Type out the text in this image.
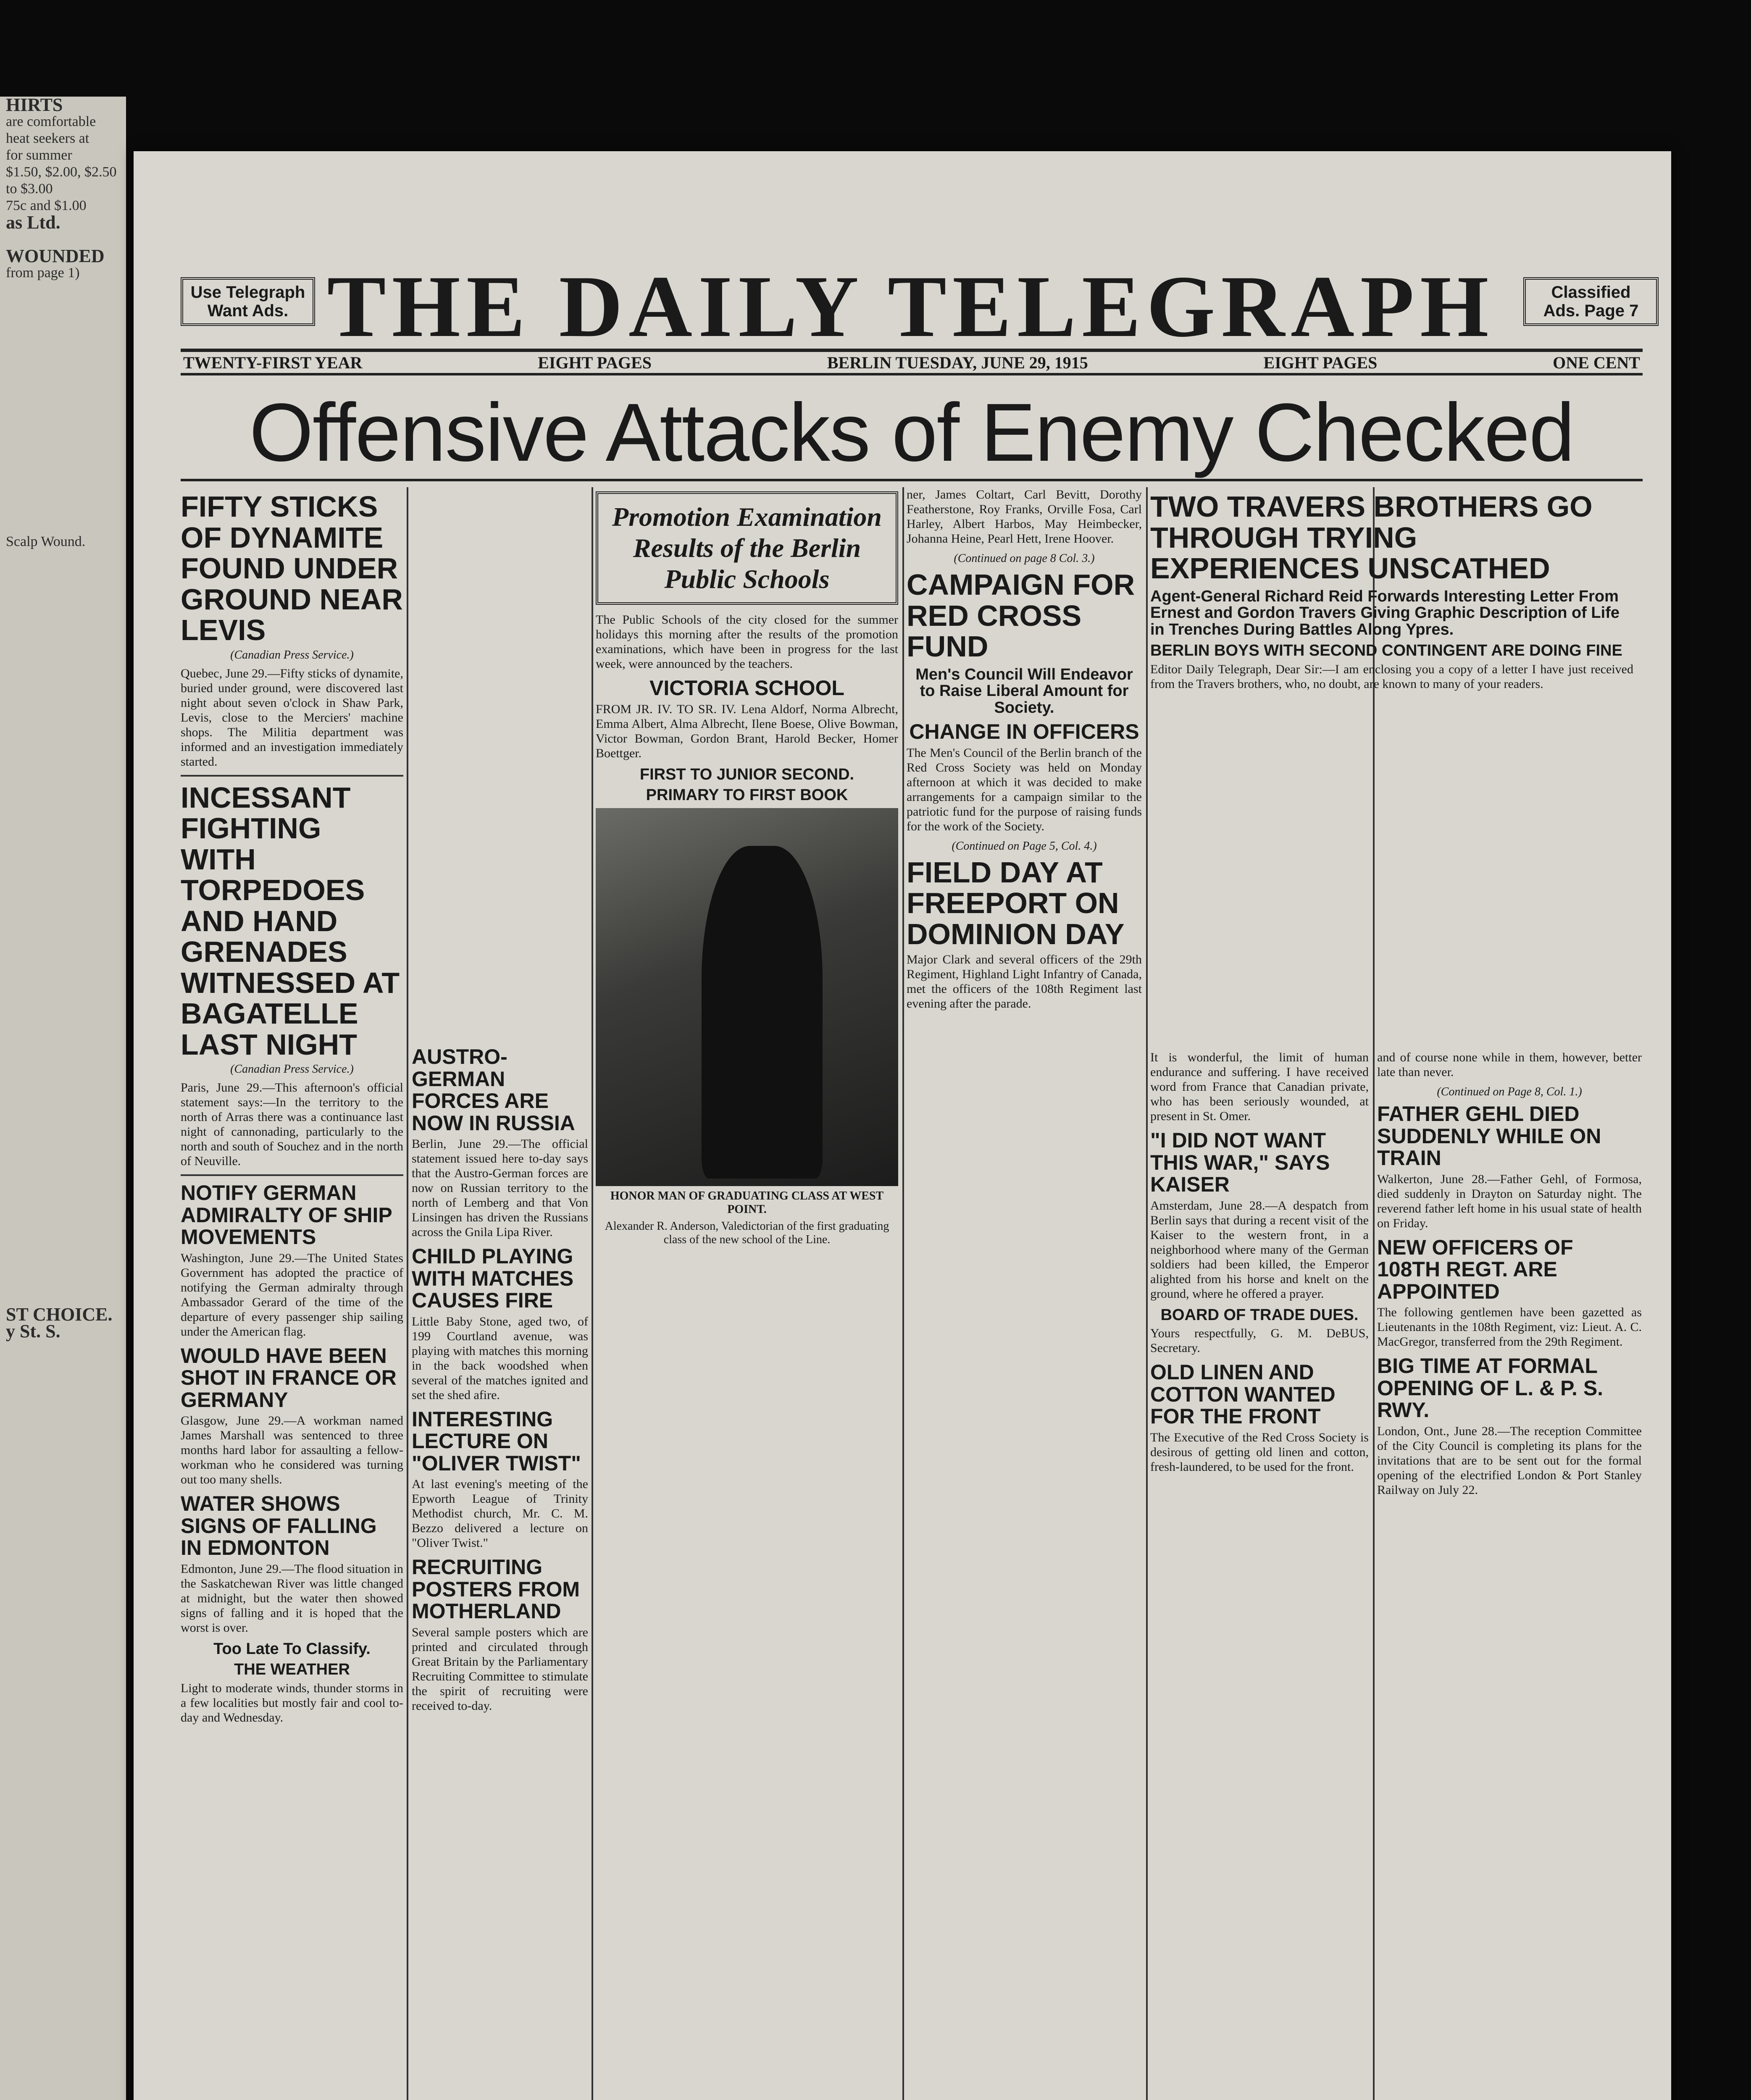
HIRTS

are comfortable

heat seekers at

for summer

$1.50, $2.00, $2.50

to $3.00

75c and $1.00

as Ltd.

WOUNDED

from page 1)

Scalp Wound.

ST CHOICE.

y St. S.

Use Telegraph Want Ads. THE DAILY TELEGRAPH	Classified Ads. Page 7
TWENTY-FIRST YEAR	EIGHT PAGES	BERLIN TUESDAY, JUNE 29, 1915	EIGHT PAGES	ONE CENT
Offensive Attacks of Enemy Checked
FIFTY STICKS OF DYNAMITE FOUND UNDER GROUND NEAR LEVIS
(Canadian Press Service.)

Quebec, June 29.—Fifty sticks of dynamite, buried under ground, were discovered last night about seven o'clock in Shaw Park, Levis, close to the Merciers' machine shops. The Militia department was informed and an investigation immediately started.

INCESSANT FIGHTING WITH TORPEDOES AND HAND GRENADES WITNESSED AT BAGATELLE LAST NIGHT
(Canadian Press Service.)

Paris, June 29.—This afternoon's official statement says:—In the territory to the north of Arras there was a continuance last night of cannonading, particularly to the north and south of Souchez and in the north of Neuville.

NOTIFY GERMAN ADMIRALTY OF SHIP MOVEMENTS

Washington, June 29.—The United States Government has adopted the practice of notifying the German admiralty through Ambassador Gerard of the time of the departure of every passenger ship sailing under the American flag.

WOULD HAVE BEEN SHOT IN FRANCE OR GERMANY

Glasgow, June 29.—A workman named James Marshall was sentenced to three months hard labor for assaulting a fellow-workman who he considered was turning out too many shells.

WATER SHOWS SIGNS OF FALLING IN EDMONTON

Edmonton, June 29.—The flood situation in the Saskatchewan River was little changed at midnight, but the water then showed signs of falling and it is hoped that the worst is over.

Too Late To Classify.
THE WEATHER

Light to moderate winds, thunder storms in a few localities but mostly fair and cool to-day and Wednesday.

AUSTRO-GERMAN FORCES ARE NOW IN RUSSIA

Berlin, June 29.—The official statement issued here to-day says that the Austro-German forces are now on Russian territory to the north of Lemberg and that Von Linsingen has driven the Russians across the Gnila Lipa River.

CHILD PLAYING WITH MATCHES CAUSES FIRE

Little Baby Stone, aged two, of 199 Courtland avenue, was playing with matches this morning in the back woodshed when several of the matches ignited and set the shed afire.

INTERESTING LECTURE ON "OLIVER TWIST"

At last evening's meeting of the Epworth League of Trinity Methodist church, Mr. C. M. Bezzo delivered a lecture on "Oliver Twist."

RECRUITING POSTERS FROM MOTHERLAND

Several sample posters which are printed and circulated through Great Britain by the Parliamentary Recruiting Committee to stimulate the spirit of recruiting were received to-day.

Promotion Examination Results of the Berlin Public Schools

The Public Schools of the city closed for the summer holidays this morning after the results of the promotion examinations, which have been in progress for the last week, were announced by the teachers.

VICTORIA SCHOOL

FROM JR. IV. TO SR. IV. Lena Aldorf, Norma Albrecht, Emma Albert, Alma Albrecht, Ilene Boese, Olive Bowman, Victor Bowman, Gordon Brant, Harold Becker, Homer Boettger.

FIRST TO JUNIOR SECOND.
PRIMARY TO FIRST BOOK
HONOR MAN OF GRADUATING CLASS AT WEST POINT.
Alexander R. Anderson, Valedictorian of the first graduating class of the new school of the Line.

ner, James Coltart, Carl Bevitt, Dorothy Featherstone, Roy Franks, Orville Fosa, Carl Harley, Albert Harbos, May Heimbecker, Johanna Heine, Pearl Hett, Irene Hoover.

(Continued on page 8 Col. 3.)
CAMPAIGN FOR RED CROSS FUND
Men's Council Will Endeavor to Raise Liberal Amount for Society.
CHANGE IN OFFICERS

The Men's Council of the Berlin branch of the Red Cross Society was held on Monday afternoon at which it was decided to make arrangements for a campaign similar to the patriotic fund for the purpose of raising funds for the work of the Society.

(Continued on Page 5, Col. 4.)
FIELD DAY AT FREEPORT ON DOMINION DAY

Major Clark and several officers of the 29th Regiment, Highland Light Infantry of Canada, met the officers of the 108th Regiment last evening after the parade.

TWO TRAVERS BROTHERS GO THROUGH TRYING EXPERIENCES UNSCATHED
Agent-General Richard Reid Forwards Interesting Letter From Ernest and Gordon Travers Giving Graphic Description of Life in Trenches During Battles Along Ypres.
BERLIN BOYS WITH SECOND CONTINGENT ARE DOING FINE

Editor Daily Telegraph, Dear Sir:—I am enclosing you a copy of a letter I have just received from the Travers brothers, who, no doubt, are known to many of your readers.

It is wonderful, the limit of human endurance and suffering. I have received word from France that Canadian private, who has been seriously wounded, at present in St. Omer.

"I DID NOT WANT THIS WAR," SAYS KAISER

Amsterdam, June 28.—A despatch from Berlin says that during a recent visit of the Kaiser to the western front, in a neighborhood where many of the German soldiers had been killed, the Emperor alighted from his horse and knelt on the ground, where he offered a prayer.

BOARD OF TRADE DUES.

Yours respectfully, G. M. DeBUS, Secretary.

OLD LINEN AND COTTON WANTED FOR THE FRONT

The Executive of the Red Cross Society is desirous of getting old linen and cotton, fresh-laundered, to be used for the front.

and of course none while in them, however, better late than never.

(Continued on Page 8, Col. 1.)
FATHER GEHL DIED SUDDENLY WHILE ON TRAIN

Walkerton, June 28.—Father Gehl, of Formosa, died suddenly in Drayton on Saturday night. The reverend father left home in his usual state of health on Friday.

NEW OFFICERS OF 108TH REGT. ARE APPOINTED

The following gentlemen have been gazetted as Lieutenants in the 108th Regiment, viz: Lieut. A. C. MacGregor, transferred from the 29th Regiment.

BIG TIME AT FORMAL OPENING OF L. & P. S. RWY.

London, Ont., June 28.—The reception Committee of the City Council is completing its plans for the invitations that are to be sent out for the formal opening of the electrified London & Port Stanley Railway on July 22.
